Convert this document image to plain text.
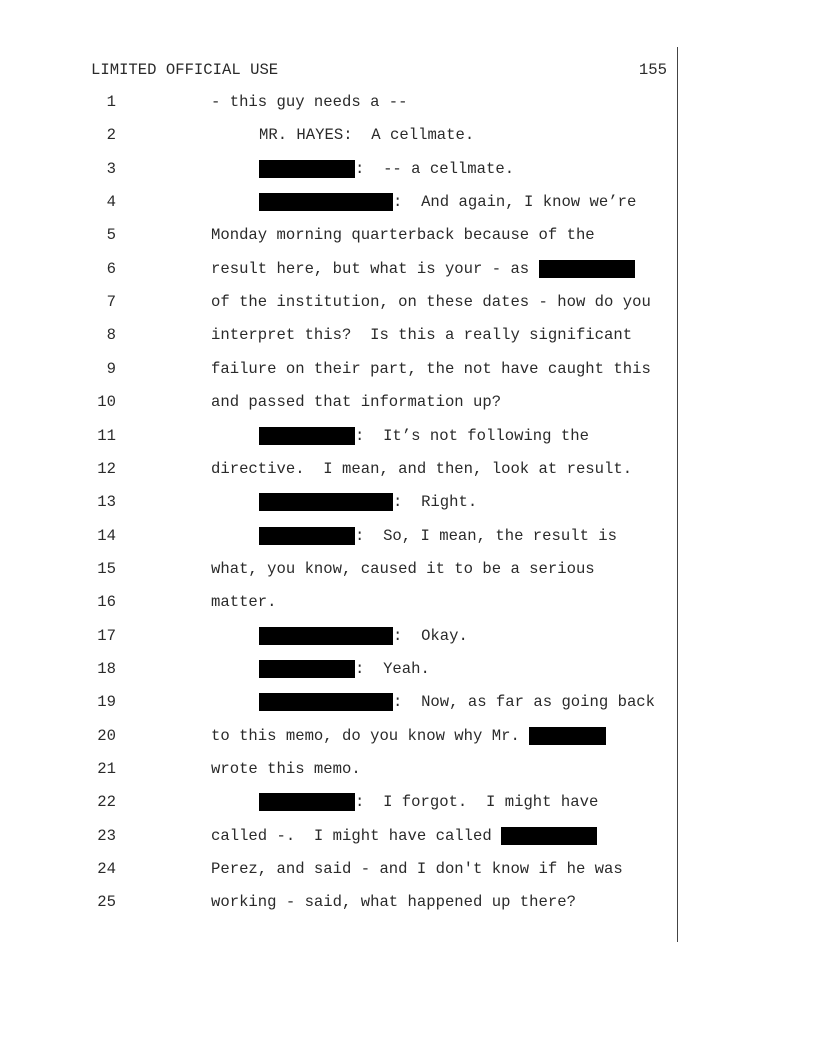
LIMITED OFFICIAL USE	155
1	- this guy needs a --
2	MR. HAYES:  A cellmate.
3	:  -- a cellmate.
4	:  And again, I know we’re
5	Monday morning quarterback because of the
6	result here, but what is your - as
7	of the institution, on these dates - how do you
8	interpret this?  Is this a really significant
9	failure on their part, the not have caught this
10	and passed that information up?
11	:  It’s not following the
12	directive.  I mean, and then, look at result.
13	:  Right.
14	:  So, I mean, the result is
15	what, you know, caused it to be a serious
16	matter.
17	:  Okay.
18	:  Yeah.
19	:  Now, as far as going back
20	to this memo, do you know why Mr.
21	wrote this memo.
22	:  I forgot.  I might have
23	called -.  I might have called
24	Perez, and said - and I don't know if he was
25	working - said, what happened up there?
